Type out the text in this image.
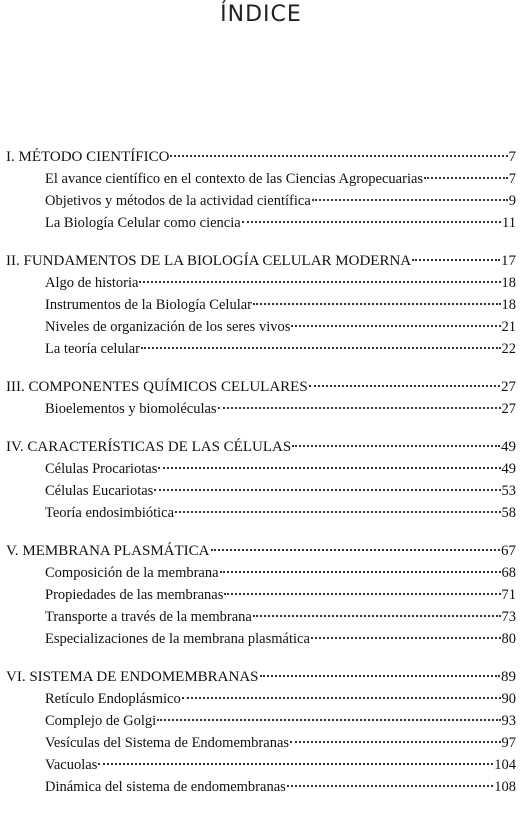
ÍNDICE
I. MÉTODO CIENTÍFICO	7
El avance científico en el contexto de las Ciencias Agropecuarias	7
Objetivos y métodos de la actividad científica	9
La Biología Celular como ciencia	11
II. FUNDAMENTOS DE LA BIOLOGÍA CELULAR MODERNA	17
Algo de historia	18
Instrumentos de la Biología Celular	18
Niveles de organización de los seres vivos	21
La teoría celular	22
III. COMPONENTES QUÍMICOS CELULARES	27
Bioelementos y biomoléculas	27
IV. CARACTERÍSTICAS DE LAS CÉLULAS	49
Células Procariotas	49
Células Eucariotas	53
Teoría endosimbiótica	58
V. MEMBRANA PLASMÁTICA	67
Composición de la membrana	68
Propiedades de las membranas	71
Transporte a través de la membrana	73
Especializaciones de la membrana plasmática	80
VI. SISTEMA DE ENDOMEMBRANAS	89
Retículo Endoplásmico	90
Complejo de Golgi	93
Vesículas del Sistema de Endomembranas	97
Vacuolas	104
Dinámica del sistema de endomembranas	108
